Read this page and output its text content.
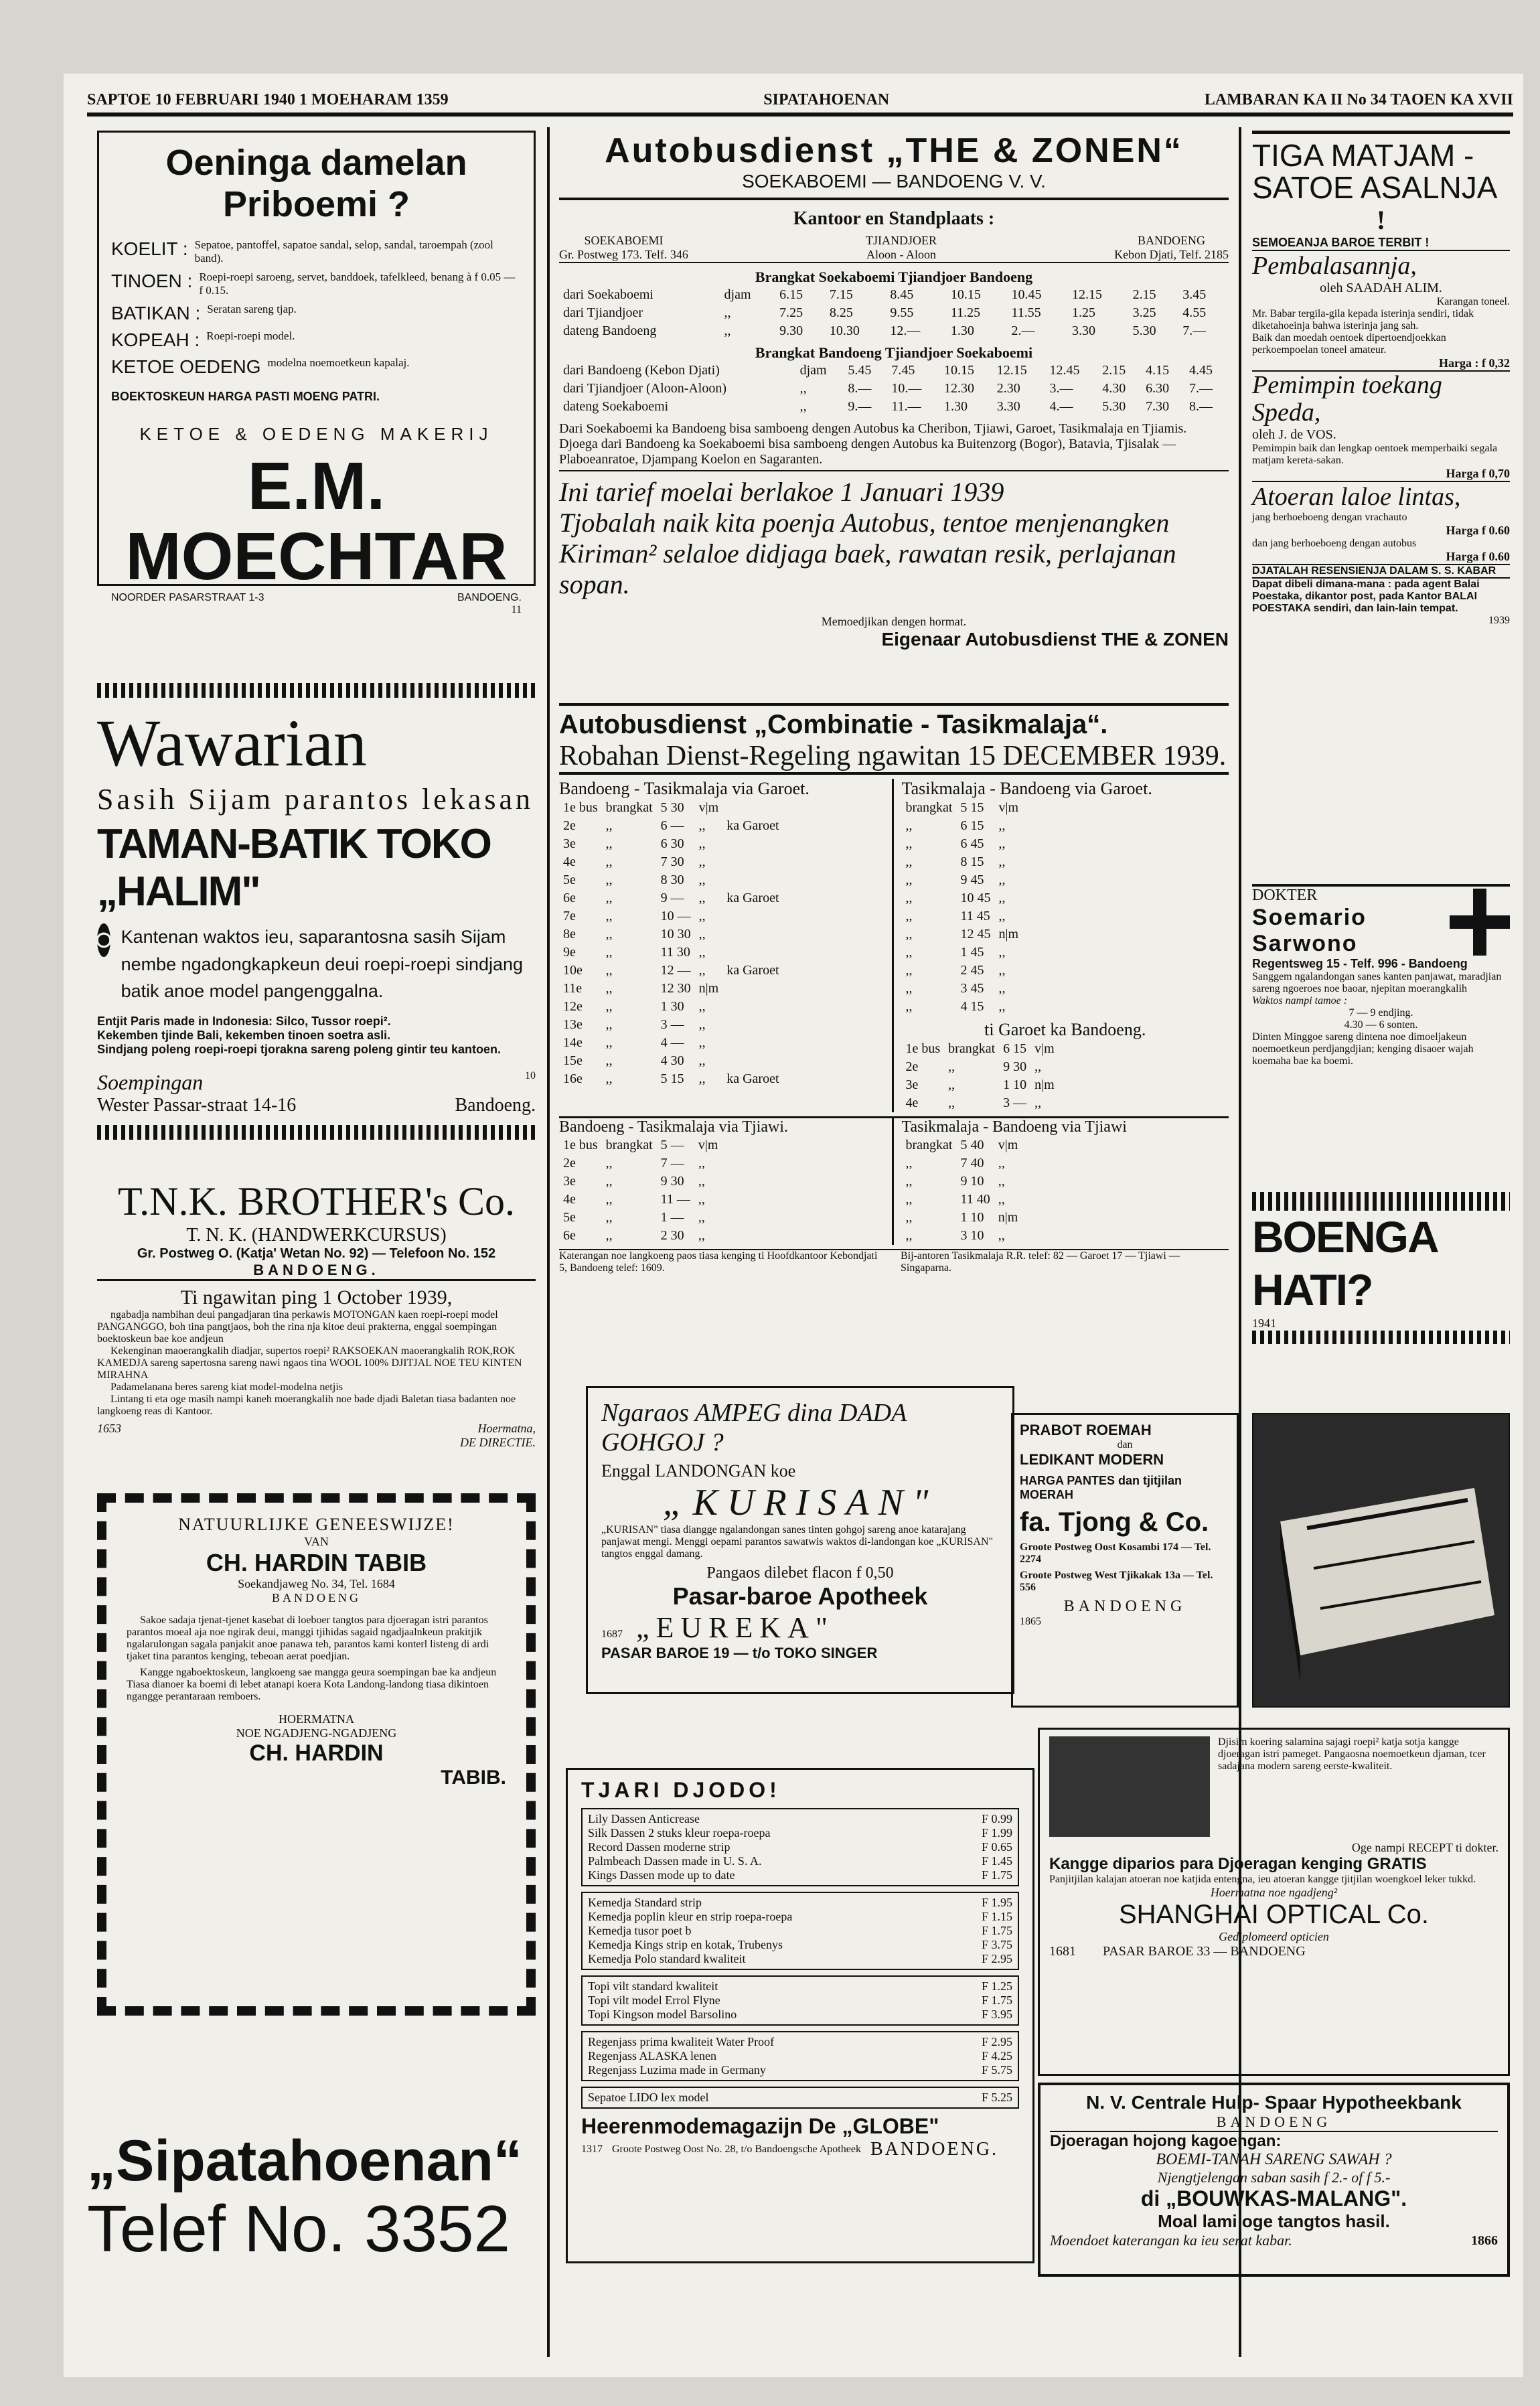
SAPTOE 10 FEBRUARI 1940 1 MOEHARAM 1359	SIPATAHOENAN	LAMBARAN KA II No 34 TAOEN KA XVII
Oeninga damelan Priboemi ?
KOELIT : Sepatoe, pantoffel, sapatoe sandal, selop, sandal, taroempah (zool band).
TINOEN : Roepi-roepi saroeng, servet, banddoek, tafelkleed, benang à f 0.05 — f 0.15.
BATIKAN : Seratan sareng tjap.
KOPEAH : Roepi-roepi model.
KETOE OEDENG modelna noemoetkeun kapalaj.
BOEKTOSKEUN HARGA PASTI MOENG PATRI.
KETOE & OEDENG MAKERIJ
E.M. MOECHTAR
NOORDER PASARSTRAAT 1-3	BANDOENG.
11
Wawarian
Sasih Sijam parantos lekasan
TAMAN-BATIK TOKO „HALIM"
Kantenan waktos ieu, saparantosna sasih Sijam nembe ngadongkapkeun deui roepi-roepi sindjang batik anoe model pangenggalna.
Entjit Paris made in Indonesia: Silco, Tussor roepi².
Kekemben tjinde Bali, kekemben tinoen soetra asli.
Sindjang poleng roepi-roepi tjorakna sareng poleng gintir teu kantoen.
Soempingan	10
Wester Passar-straat 14-16	Bandoeng.
T.N.K. BROTHER's Co.
T. N. K. (HANDWERKCURSUS)
Gr. Postweg O. (Katja' Wetan No. 92) — Telefoon No. 152
BANDOENG.
Ti ngawitan ping 1 October 1939,
ngabadja nambihan deui pangadjaran tina perkawis MOTONGAN kaen roepi-roepi model PANGANGGO, boh tina pangtjaos, boh the rina nja kitoe deui prakterna, enggal soempingan boektoskeun bae koe andjeun
Kekenginan maoerangkalih diadjar, supertos roepi² RAKSOEKAN maoerangkalih ROK,ROK KAMEDJA sareng sapertosna sareng nawi ngaos tina WOOL 100% DJITJAL NOE TEU KINTEN MIRAHNA
Padamelanana beres sareng kiat model-modelna netjis
Lintang ti eta oge masih nampi kaneh moerangkalih noe bade djadi Baletan tiasa badanten noe langkoeng reas di Kantoor.
1653	Hoermatna,
DE DIRECTIE.
NATUURLIJKE GENEESWIJZE!
VAN
CH. HARDIN TABIB
Soekandjaweg No. 34, Tel. 1684
BANDOENG
Sakoe sadaja tjenat-tjenet kasebat di loeboer tangtos para djoeragan istri parantos parantos moeal aja noe ngirak deui, manggi tjihidas sagaid ngadjaalnkeun prakitjik ngalarulongan sagala panjakit anoe panawa teh, parantos kami konterl listeng di ardi tjaket tina parantos kenging, tebeoan aerat poedjian.
Kangge ngaboektoskeun, langkoeng sae mangga geura soempingan bae ka andjeun Tiasa dianoer ka boemi di lebet atanapi koera Kota Landong-landong tiasa dikintoen ngangge perantaraan remboers.
HOERMATNA
NOE NGADJENG-NGADJENG
CH. HARDIN
TABIB.
„Sipatahoenan“
Telef No. 3352
Autobusdienst „THE & ZONEN“
SOEKABOEMI — BANDOENG V. V.
Kantoor en Standplaats :
SOEKABOEMI
Gr. Postweg 173. Telf. 346
TJIANDJOER
Aloon - Aloon
BANDOENG
Kebon Djati, Telf. 2185
Brangkat Soekaboemi Tjiandjoer Bandoeng
dari Soekaboemi	djam	6.15	7.15	8.45	10.15	10.45	12.15	2.15	3.45
dari Tjiandjoer	,,	7.25	8.25	9.55	11.25	11.55	1.25	3.25	4.55
dateng Bandoeng	,,	9.30	10.30	12.—	1.30	2.—	3.30	5.30	7.—
Brangkat Bandoeng Tjiandjoer Soekaboemi
dari Bandoeng (Kebon Djati)	djam	5.45	7.45	10.15	12.15	12.45	2.15	4.15	4.45
dari Tjiandjoer (Aloon-Aloon)	,,	8.—	10.—	12.30	2.30	3.—	4.30	6.30	7.—
dateng Soekaboemi	,,	9.—	11.—	1.30	3.30	4.—	5.30	7.30	8.—
Dari Soekaboemi ka Bandoeng bisa samboeng dengen Autobus ka Cheribon, Tjiawi, Garoet, Tasikmalaja en Tjiamis. Djoega dari Bandoeng ka Soekaboemi bisa samboeng dengen Autobus ka Buitenzorg (Bogor), Batavia, Tjisalak — Plaboeanratoe, Djampang Koelon en Sagaranten.
Ini tarief moelai berlakoe 1 Januari 1939
Tjobalah naik kita poenja Autobus, tentoe menjenangken
Kiriman² selaloe didjaga baek, rawatan resik, perlajanan sopan.
Memoedjikan dengen hormat.
Eigenaar Autobusdienst THE & ZONEN
Autobusdienst „Combinatie - Tasikmalaja“.
Robahan Dienst-Regeling ngawitan 15 DECEMBER 1939.
Bandoeng - Tasikmalaja via Garoet.
1e bus	brangkat	5 30	v|m	
2e	,,	6 —	,,	ka Garoet
3e	,,	6 30	,,	
4e	,,	7 30	,,	
5e	,,	8 30	,,	
6e	,,	9 —	,,	ka Garoet
7e	,,	10 —	,,	
8e	,,	10 30	,,	
9e	,,	11 30	,,	
10e	,,	12 —	,,	ka Garoet
11e	,,	12 30	n|m	
12e	,,	1 30	,,	
13e	,,	3 —	,,	
14e	,,	4 —	,,	
15e	,,	4 30	,,	
16e	,,	5 15	,,	ka Garoet
Tasikmalaja - Bandoeng via Garoet.
brangkat	5 15	v|m
,,	6 15	,,
,,	6 45	,,
,,	8 15	,,
,,	9 45	,,
,,	10 45	,,
,,	11 45	,,
,,	12 45	n|m
,,	1 45	,,
,,	2 45	,,
,,	3 45	,,
,,	4 15	,,
ti Garoet ka Bandoeng.
1e bus	brangkat	6 15	v|m
2e	,,	9 30	,,
3e	,,	1 10	n|m
4e	,,	3 —	,,
Bandoeng - Tasikmalaja via Tjiawi.
1e bus	brangkat	5 —	v|m
2e	,,	7 —	,,
3e	,,	9 30	,,
4e	,,	11 —	,,
5e	,,	1 —	,,
6e	,,	2 30	,,
Tasikmalaja - Bandoeng via Tjiawi
brangkat	5 40	v|m
,,	7 40	,,
,,	9 10	,,
,,	11 40	,,
,,	1 10	n|m
,,	3 10	,,
Katerangan noe langkoeng paos tiasa kenging ti Hoofdkantoor Kebondjati 5, Bandoeng telef: 1609.
Bij-antoren Tasikmalaja R.R. telef: 82 — Garoet 17 — Tjiawi — Singaparna.
Ngaraos AMPEG dina DADA GOHGOJ ?
Enggal LANDONGAN koe
„KURISAN"
„KURISAN" tiasa diangge ngalandongan sanes tinten gohgoj sareng anoe katarajang panjawat mengi. Menggi oepami parantos sawatwis waktos di-landongan koe „KURISAN" tangtos enggal damang.
Pangaos dilebet flacon f 0,50
Pasar-baroe Apotheek
1687 „EUREKA"
PASAR BAROE 19 — t/o TOKO SINGER
TJARI DJODO!
Lily Dassen Anticrease	F 0.99
Silk Dassen 2 stuks kleur roepa-roepa	F 1.99
Record Dassen moderne strip	F 0.65
Palmbeach Dassen made in U. S. A.	F 1.45
Kings Dassen mode up to date	F 1.75
Kemedja Standard strip	F 1.95
Kemedja poplin kleur en strip roepa-roepa	F 1.15
Kemedja tusor poet b	F 1.75
Kemedja Kings strip en kotak, Trubenys	F 3.75
Kemedja Polo standard kwaliteit	F 2.95
Topi vilt standard kwaliteit	F 1.25
Topi vilt model Errol Flyne	F 1.75
Topi Kingson model Barsolino	F 3.95
Regenjass prima kwaliteit Water Proof	F 2.95
Regenjass ALASKA lenen	F 4.25
Regenjass Luzima made in Germany	F 5.75
Sepatoe LIDO lex model	F 5.25
Heerenmodemagazijn De „GLOBE"
1317 Groote Postweg Oost No. 28, t/o Bandoengsche Apotheek BANDOENG.
TIGA MATJAM - SATOE ASALNJA
!
SEMOEANJA BAROE TERBIT !
Pembalasannja,
oleh SAADAH ALIM.
Karangan toneel.
Mr. Babar tergila-gila kepada isterinja sendiri, tidak diketahoeinja bahwa isterinja jang sah.
Baik dan moedah oentoek dipertoendjoekkan perkoempoelan toneel amateur.
Harga : f 0,32
Pemimpin toekang Speda,
oleh J. de VOS.
Pemimpin baik dan lengkap oentoek memperbaiki segala matjam kereta-sakan.
Harga f 0,70
Atoeran laloe lintas,
jang berhoeboeng dengan vrachauto
Harga f 0.60
dan jang berhoeboeng dengan autobus
Harga f 0.60
DJATALAH RESENSIENJA DALAM S. S. KABAR
Dapat dibeli dimana-mana : pada agent Balai Poestaka, dikantor post, pada Kantor BALAI POESTAKA sendiri, dan lain-lain tempat.
1939
DOKTER
Soemario
Sarwono
Regentsweg 15 - Telf. 996 - Bandoeng
Sanggem ngalandongan sanes kanten panjawat, maradjian sareng ngoeroes noe baoar, njepitan moerangkalih
Waktos nampi tamoe :
7 — 9 endjing.
4.30 — 6 sonten.
Dinten Minggoe sareng dintena noe dimoeljakeun noemoetkeun perdjangdjian; kenging disaoer wajah koemaha bae ka boemi.
BOENGA HATI?
1941
PRABOT ROEMAH
dan
LEDIKANT MODERN
HARGA PANTES dan tjitjilan MOERAH
fa. Tjong & Co.
Groote Postweg Oost Kosambi 174 — Tel. 2274
Groote Postweg West Tjikakak 13a — Tel. 556
BANDOENG
1865
Djisim koering salamina sajagi roepi² katja sotja kangge djoeragan istri pameget. Pangaosna noemoetkeun djaman, tcer sadajana modern sareng eerste-kwaliteit.
Oge nampi RECEPT ti dokter.
Kangge diparios para Djoeragan kenging GRATIS
Panjitjilan kalajan atoeran noe katjida entengna, ieu atoeran kangge tjitjilan woengkoel leker tukkd.
Hoermatna noe ngadjeng²
SHANGHAI OPTICAL Co.
Gediplomeerd opticien
1681 PASAR BAROE 33 — BANDOENG
N. V. Centrale Hulp- Spaar Hypotheekbank
BANDOENG
Djoeragan hojong kagoengan:
BOEMI-TANAH SARENG SAWAH ?
Njengtjelengan saban sasih f 2.- of f 5.-
di „BOUWKAS-MALANG".
Moal lami oge tangtos hasil.
Moendoet katerangan ka ieu serat kabar.	1866
